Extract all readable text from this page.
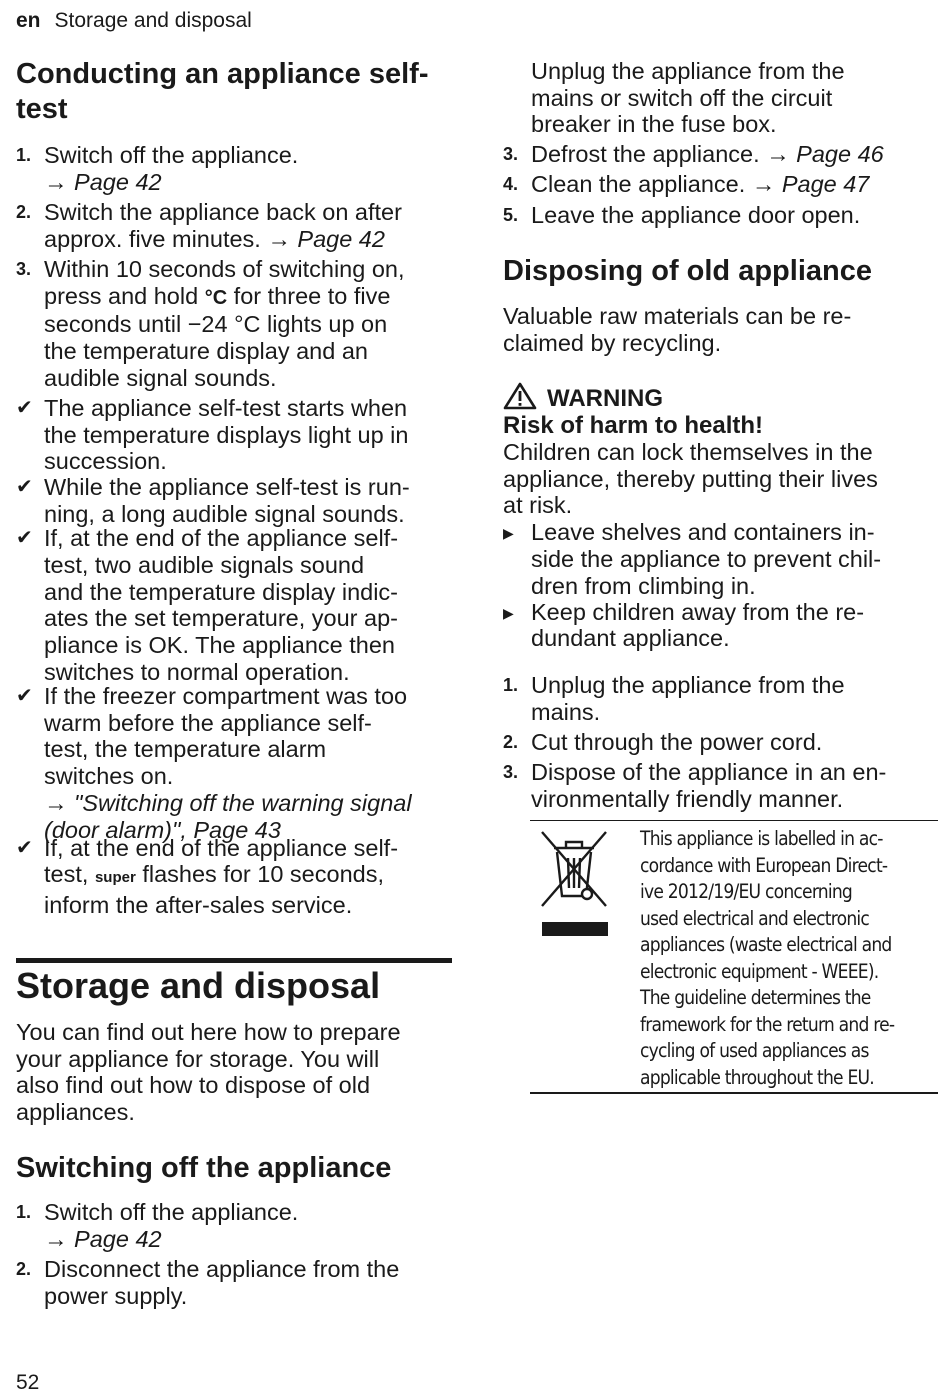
en Storage and disposal
Conducting an appliance self-
test
1. Switch off the appliance.
→ Page 42
2. Switch the appliance back on after
approx. five minutes. → Page 42
3. Within 10 seconds of switching on,
press and hold °C for three to five
seconds until −24 °C lights up on
the temperature display and an
audible signal sounds.
✔ The appliance self-test starts when
the temperature displays light up in
succession.
✔ While the appliance self-test is run-
ning, a long audible signal sounds.
✔ If, at the end of the appliance self-
test, two audible signals sound
and the temperature display indic-
ates the set temperature, your ap-
pliance is OK. The appliance then
switches to normal operation.
✔ If the freezer compartment was too
warm before the appliance self-
test, the temperature alarm
switches on.
→ "Switching off the warning signal
(door alarm)", Page 43
✔ If, at the end of the appliance self-
test, super flashes for 10 seconds,
inform the after-sales service.
Storage and disposal

You can find out here how to prepare

your appliance for storage. You will

also find out how to dispose of old

appliances.

Switching off the appliance
1. Switch off the appliance.
→ Page 42
2. Disconnect the appliance from the
power supply.
Unplug the appliance from the
mains or switch off the circuit
breaker in the fuse box.
3. Defrost the appliance. → Page 46
4. Clean the appliance. → Page 47
5. Leave the appliance door open.
Disposing of old appliance

Valuable raw materials can be re-

claimed by recycling.

WARNING
Risk of harm to health!

Children can lock themselves in the

appliance, thereby putting their lives

at risk.

▶ Leave shelves and containers in-
side the appliance to prevent chil-
dren from climbing in.
▶ Keep children away from the re-
dundant appliance.
1. Unplug the appliance from the
mains.
2. Cut through the power cord.
3. Dispose of the appliance in an en-
vironmentally friendly manner.
This appliance is labelled in ac-
cordance with European Direct-
ive 2012/19/EU concerning
used electrical and electronic
appliances (waste electrical and
electronic equipment - WEEE).
The guideline determines the
framework for the return and re-
cycling of used appliances as
applicable throughout the EU.
52
